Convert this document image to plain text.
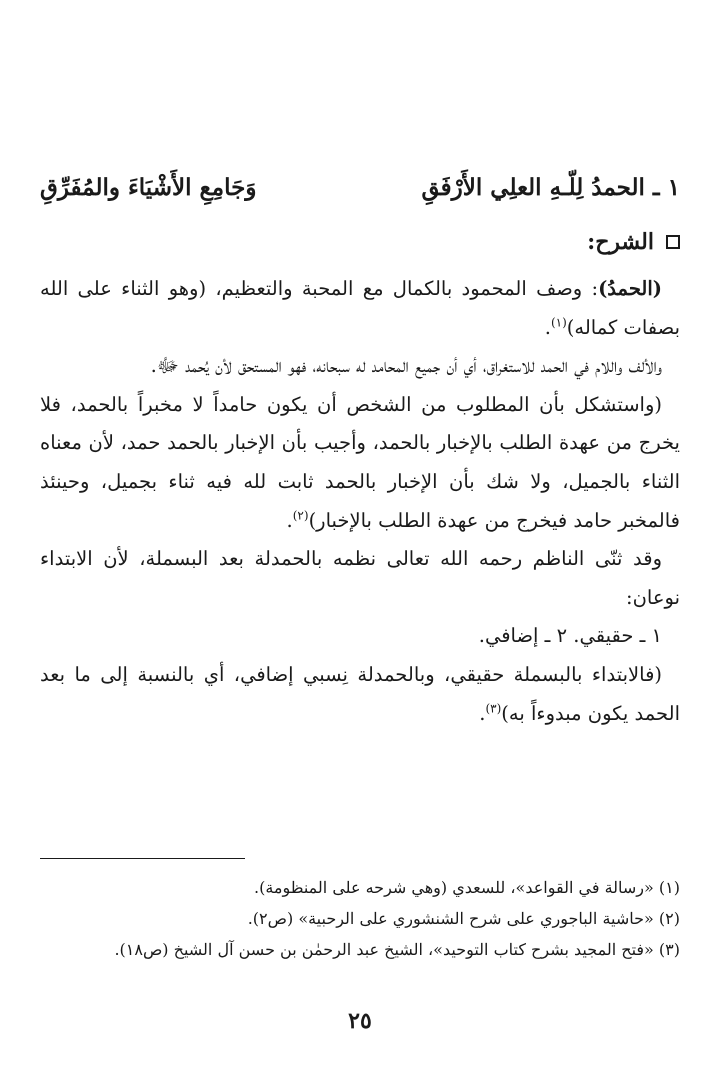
١ ـ الحمدُ لِلّـهِ العلِي الأَرْفَقِ
وَجَامِعِ الأَشْيَاءَ والمُفَرِّقِ
الشرح:

(الحمدُ): وصف المحمود بالكمال مع المحبة والتعظيم، (وهو الثناء على الله بصفات كماله)$^{(١)}$.

والألف واللام في الحمد للاستغراق، أي أن جميع المحامد له سبحانه، فهو المستحق لأن يُحمد ﷻ.

(واستشكل بأن المطلوب من الشخص أن يكون حامداً لا مخبراً بالحمد، فلا يخرج من عهدة الطلب بالإخبار بالحمد، وأجيب بأن الإخبار بالحمد حمد، لأن معناه الثناء بالجميل، ولا شك بأن الإخبار بالحمد ثابت لله فيه ثناء بجميل، وحينئذ فالمخبر حامد فيخرج من عهدة الطلب بالإخبار)$^{(٢)}$.

وقد ثنّى الناظم رحمه الله تعالى نظمه بالحمدلة بعد البسملة، لأن الابتداء نوعان:

١ ـ حقيقي. ٢ ـ إضافي.

(فالابتداء بالبسملة حقيقي، وبالحمدلة نِسبي إضافي، أي بالنسبة إلى ما بعد الحمد يكون مبدوءاً به)$^{(٣)}$.

(١) «رسالة في القواعد»، للسعدي (وهي شرحه على المنظومة).

(٢) «حاشية الباجوري على شرح الشنشوري على الرحبية» (ص٢).

(٣) «فتح المجيد بشرح كتاب التوحيد»، الشيخ عبد الرحمٰن بن حسن آل الشيخ (ص١٨).

٢٥
